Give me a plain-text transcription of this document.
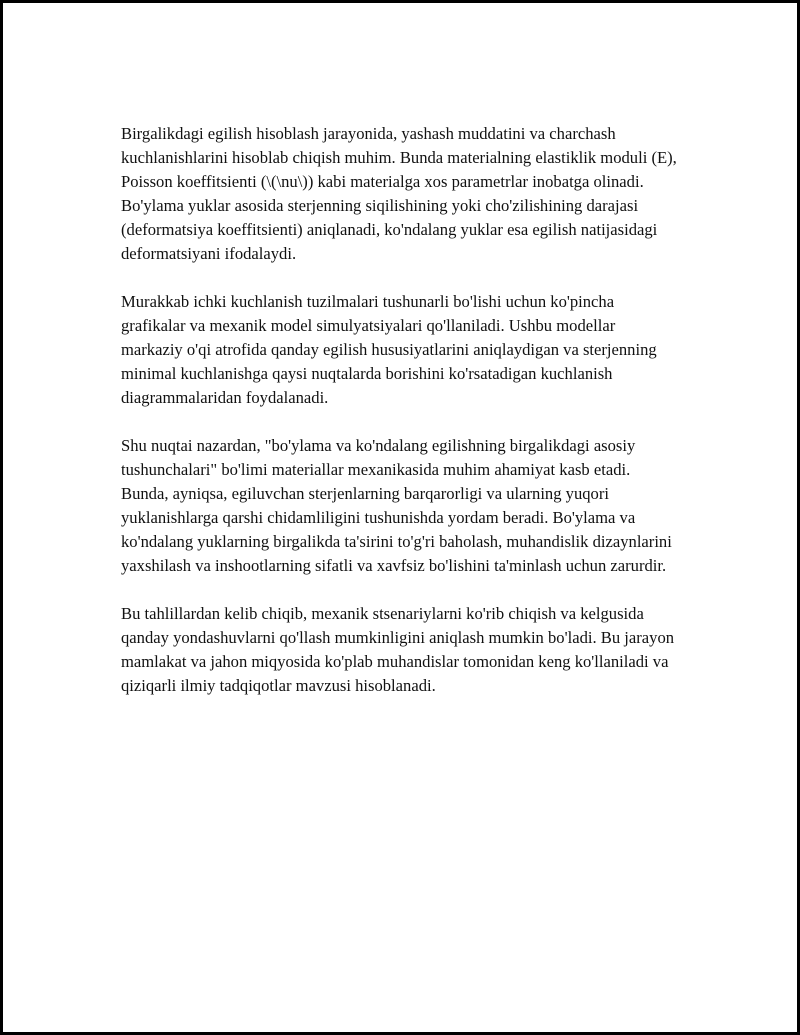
Birgalikdagi egilish hisoblash jarayonida, yashash muddatini va charchash kuchlanishlarini hisoblab chiqish muhim. Bunda materialning elastiklik moduli (E), Poisson koeffitsienti (\(\nu\)) kabi materialga xos parametrlar inobatga olinadi. Bo'ylama yuklar asosida sterjenning siqilishining yoki cho'zilishining darajasi (deformatsiya koeffitsienti) aniqlanadi, ko'ndalang yuklar esa egilish natijasidagi deformatsiyani ifodalaydi.

Murakkab ichki kuchlanish tuzilmalari tushunarli bo'lishi uchun ko'pincha grafikalar va mexanik model simulyatsiyalari qo'llaniladi. Ushbu modellar markaziy o'qi atrofida qanday egilish hususiyatlarini aniqlaydigan va sterjenning minimal kuchlanishga qaysi nuqtalarda borishini ko'rsatadigan kuchlanish diagrammalaridan foydalanadi.

Shu nuqtai nazardan, "bo'ylama va ko'ndalang egilishning birgalikdagi asosiy tushunchalari" bo'limi materiallar mexanikasida muhim ahamiyat kasb etadi. Bunda, ayniqsa, egiluvchan sterjenlarning barqarorligi va ularning yuqori yuklanishlarga qarshi chidamliligini tushunishda yordam beradi. Bo'ylama va ko'ndalang yuklarning birgalikda ta'sirini to'g'ri baholash, muhandislik dizaynlarini yaxshilash va inshootlarning sifatli va xavfsiz bo'lishini ta'minlash uchun zarurdir.

Bu tahlillardan kelib chiqib, mexanik stsenariylarni ko'rib chiqish va kelgusida qanday yondashuvlarni qo'llash mumkinligini aniqlash mumkin bo'ladi. Bu jarayon mamlakat va jahon miqyosida ko'plab muhandislar tomonidan keng ko'llaniladi va qiziqarli ilmiy tadqiqotlar mavzusi hisoblanadi.
